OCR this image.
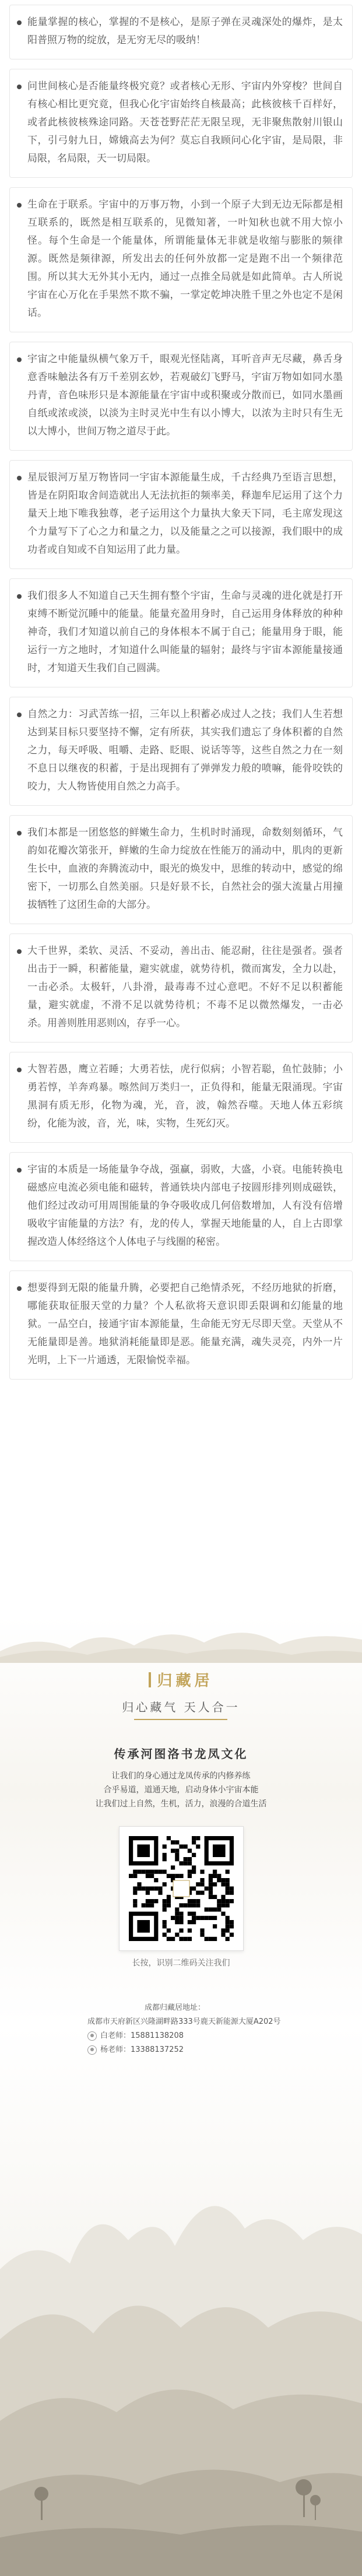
能量掌握的核心，掌握的不是核心，是原子弹在灵魂深处的爆炸，是太阳普照万物的绽放，是无穷无尽的吸纳！

问世间核心是否能量终极究竟？或者核心无形、宇宙内外穿梭？世间自有核心相比更究竟，但我心化宇宙始终自核最高；此核彼核千百样好，或者此核彼核殊途同路。天苍苍野茫茫无限呈现，无非聚焦散射川银山下，引弓射九日，嫦娥高去为何？莫忘自我顾问心化宇宙，是局限，非局限，名局限，天一切局限。

生命在于联系。宇宙中的万事万物，小到一个原子大到无边无际都是相互联系的，既然是相互联系的，见微知著，一叶知秋也就不用大惊小怪。每个生命是一个能量体，所谓能量体无非就是收缩与膨胀的频律源。既然是频律源，所发出去的任何外放都一定是跑不出一个频律范围。所以其大无外其小无内，通过一点推全局就是如此简单。古人所说宇宙在心万化在手果然不欺不骗，一掌定乾坤决胜千里之外也定不是闲话。

宇宙之中能量纵横气象万千，眼观光怪陆离，耳听音声无尽藏，鼻舌身意香味触法各有万千差别玄妙，若观破幻飞野马，宇宙万物如如同水墨丹青，音色味形只是本源能量在宇宙中或积聚或分散而已，如同水墨画自纸或浓或淡，以淡为主时灵光中生有以小博大，以浓为主时只有生无以大博小，世间万物之道尽于此。

星辰银河万星万物皆同一宇宙本源能量生成，千古经典乃至语言思想，皆是在阴阳取舍间造就出人无法抗拒的频率美，释迦牟尼运用了这个力量天上地下唯我独尊，老子运用这个力量执大象天下同，毛主席发现这个力量写下了心之力和量之力，以及能量之之可以接源，我们眼中的成功者或自知或不自知运用了此力量。

我们很多人不知道自己天生拥有整个宇宙，生命与灵魂的进化就是打开束缚不断觉沉睡中的能量。能量充盈用身时，自己运用身体释放的种种神奇，我们才知道以前自己的身体根本不属于自己；能量用身于眼，能运行一方之地时，才知道什么叫能量的辐射；最终与宇宙本源能量接通时，才知道天生我们自己圆满。

自然之力：习武苦练一招，三年以上积蓄必成过人之技；我们人生若想达到某目标只要坚持不懈，定有所获，其实我们遗忘了身体积蓄的自然之力，每天呼吸、咀嚼、走路、眨眼、说话等等，这些自然之力在一刻不息日以继夜的积蓄，于是出现拥有了弹弹发力般的喷嘛，能骨咬铁的咬力，大人物皆使用自然之力高手。

我们本都是一团悠悠的鲜嫩生命力，生机时时涌现，命数刻刻循环，气韵如花瓣次第张开，鲜嫩的生命力绽放在性能万的涌动中，肌肉的更新生长中，血液的奔腾流动中，眼光的焕发中，思维的转动中，感觉的绵密下，一切那么自然美丽。只是好景不长，自然社会的强大流量占用撞拔牺牲了这团生命的大部分。

大千世界，柔软、灵活、不妥动，善出击、能忍耐，往往是强者。强者出击于一瞬，积蓄能量，避实就虚，就势待机，微而寓发，全力以赴，一击必杀。太极轩，八卦滑，最毒毒不过心意吧。不好不足以积蓄能量，避实就虚，不滑不足以就势待机；不毒不足以微然爆发，一击必杀。用善则胜用恶则凶，存乎一心。

大智若愚，鹰立若睡；大勇若怯，虎行似病；小智若聪，鱼忙鼓肺；小勇若惇，羊奔鸡暴。嚓然间万类归一，正负得和，能量无限涌现。宇宙黑洞有质无形，化物为魂，光，音，波，翰然吞噬。天地人体五彩缤纷，化能为波，音，光，味，实物，生死幻灭。

宇宙的本质是一场能量争夺战，强赢，弱败，大盛，小衰。电能转换电磁感应电流必须电能和磁转，普通铁块内部电子按圆形排列则成磁铁，他们经过改动可用周围能量的争夺吸收成几何倍数增加，人有没有倍增吸收宇宙能量的方法？有，龙的传人，掌握天地能量的人，自上古即掌握改造人体经络这个人体电子与线圈的秘密。

想要得到无限的能量升腾，必要把自己绝情杀死，不经历地狱的折磨，哪能获取征服天堂的力量？个人私欲将天意识即丢限调和幻能量的地狱。一品空白，接通宇宙本源能量，生命能无穷无尽即天堂。天堂从不无能量即是善。地狱消耗能量即是恶。能量充满，魂失灵亮，内外一片光明，上下一片通透，无限愉悦幸福。

归藏居
归心藏气 天人合一
传承河图洛书龙凤文化
让我们的身心通过龙凤传承的内修养练
合乎易道，道通天地，启动身体小宇宙本能
让我们过上自然，生机，活力，浪漫的合道生活
长按，识别二维码关注我们
成都归藏居地址：
成都市天府新区兴隆湖畔路333号鹿天新能源大厦A202号
白老师：15881138208
杨老师：13388137252
